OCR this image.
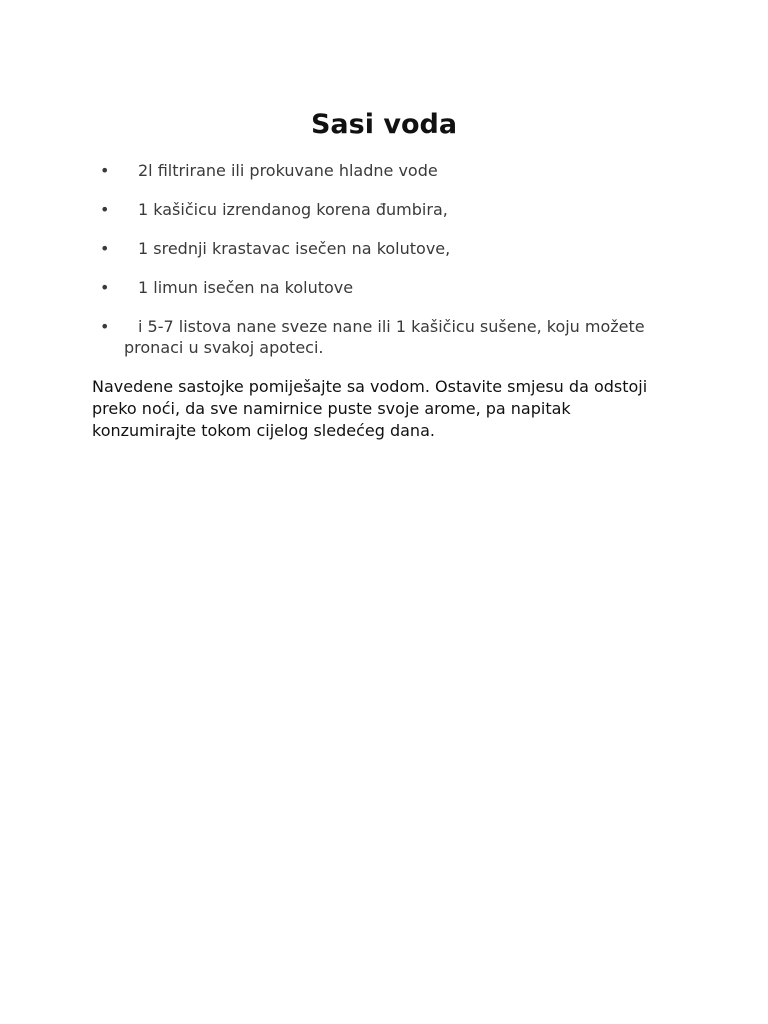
Sasi voda
•	2l filtrirane ili prokuvane hladne vode
•	1 kašičicu izrendanog korena đumbira,
•	1 srednji krastavac isečen na kolutove,
•	1 limun isečen na kolutove
•	i 5-7 listova nane sveze nane ili 1 kašičicu sušene, koju možete pronaci u svakoj apoteci.

Navedene sastojke pomiješajte sa vodom. Ostavite smjesu da odstoji preko noći, da sve namirnice puste svoje arome, pa napitak konzumirajte tokom cijelog sledećeg dana.
